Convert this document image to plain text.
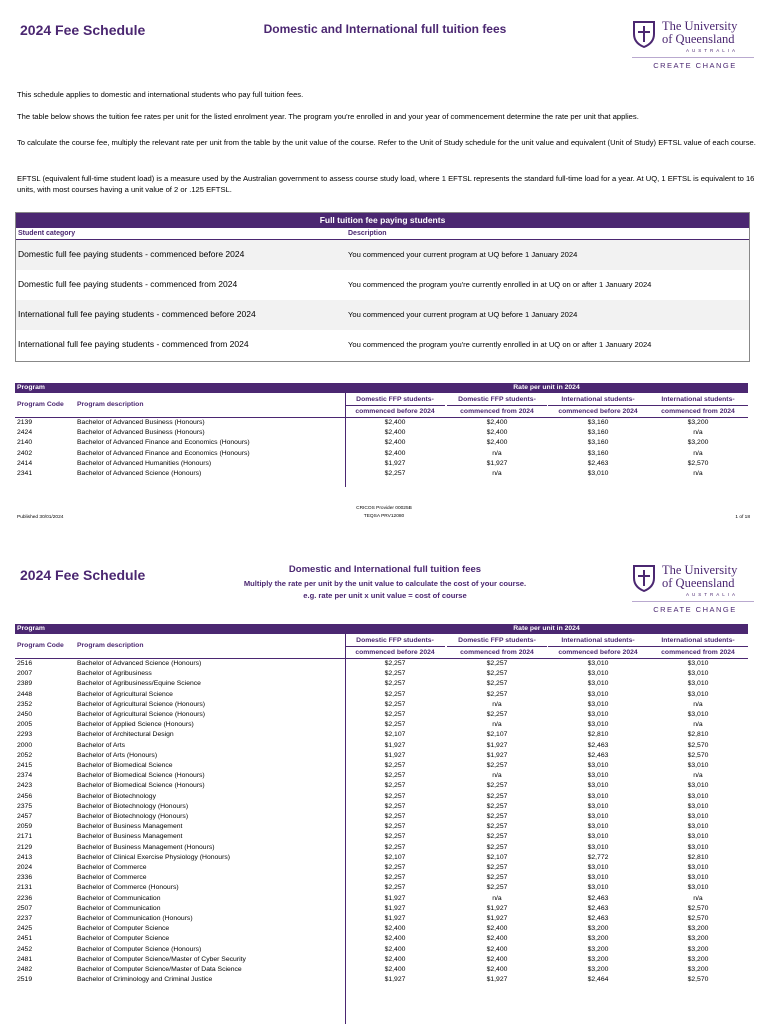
2024 Fee Schedule	Domestic and International full tuition fees	The University
of Queensland
AUSTRALIA
CREATE CHANGE
This schedule applies to domestic and international students who pay full tuition fees.
The table below shows the tuition fee rates per unit for the listed enrolment year. The program you're enrolled in and your year of commencement determine the rate per unit that applies.
To calculate the course fee, multiply the relevant rate per unit from the table by the unit value of the course. Refer to the Unit of Study schedule for the unit value and equivalent (Unit of Study) EFTSL value of each course.
EFTSL (equivalent full-time student load) is a measure used by the Australian government to assess course study load, where 1 EFTSL represents the standard full-time load for a year. At UQ, 1 EFTSL is equivalent to 16 units, with most courses having a unit value of 2 or .125 EFTSL.
Full tuition fee paying students
Student category	Description
Domestic full fee paying students - commenced before 2024	You commenced your current program at UQ before 1 January 2024
Domestic full fee paying students - commenced from 2024	You commenced the program you're currently enrolled in at UQ on or after 1 January 2024
International full fee paying students - commenced before 2024	You commenced your current program at UQ before 1 January 2024
International full fee paying students - commenced from 2024	You commenced the program you're currently enrolled in at UQ on or after 1 January 2024
Program	Rate per unit in 2024
Program Code Program description
Domestic FFP students-
commenced before 2024
Domestic FFP students-
commenced from 2024
International students-
commenced before 2024
International students-
commenced from 2024
2139	Bachelor of Advanced Business (Honours)	$2,400	$2,400	$3,160	$3,200
2424	Bachelor of Advanced Business (Honours)	$2,400	$2,400	$3,160	n/a
2140	Bachelor of Advanced Finance and Economics (Honours)	$2,400	$2,400	$3,160	$3,200
2402	Bachelor of Advanced Finance and Economics (Honours)	$2,400	n/a	$3,160	n/a
2414	Bachelor of Advanced Humanities (Honours)	$1,927	$1,927	$2,463	$2,570
2341	Bachelor of Advanced Science (Honours)	$2,257	n/a	$3,010	n/a
Published 30/01/2024
CRICOS Provider 00025B
TEQSA PRV12080	1 of 18
2024 Fee Schedule	Domestic and International full tuition fees
Multiply the rate per unit by the unit value to calculate the cost of your course.
e.g. rate per unit x unit value = cost of course
The University
of Queensland
AUSTRALIA
CREATE CHANGE
Program	Rate per unit in 2024
Program Code Program description
Domestic FFP students-
commenced before 2024
Domestic FFP students-
commenced from 2024
International students-
commenced before 2024
International students-
commenced from 2024
2516	Bachelor of Advanced Science (Honours)	$2,257	$2,257	$3,010	$3,010
2007	Bachelor of Agribusiness	$2,257	$2,257	$3,010	$3,010
2389	Bachelor of Agribusiness/Equine Science	$2,257	$2,257	$3,010	$3,010
2448	Bachelor of Agricultural Science	$2,257	$2,257	$3,010	$3,010
2352	Bachelor of Agricultural Science (Honours)	$2,257	n/a	$3,010	n/a
2450	Bachelor of Agricultural Science (Honours)	$2,257	$2,257	$3,010	$3,010
2005	Bachelor of Applied Science (Honours)	$2,257	n/a	$3,010	n/a
2293	Bachelor of Architectural Design	$2,107	$2,107	$2,810	$2,810
2000	Bachelor of Arts	$1,927	$1,927	$2,463	$2,570
2052	Bachelor of Arts (Honours)	$1,927	$1,927	$2,463	$2,570
2415	Bachelor of Biomedical Science	$2,257	$2,257	$3,010	$3,010
2374	Bachelor of Biomedical Science (Honours)	$2,257	n/a	$3,010	n/a
2423	Bachelor of Biomedical Science (Honours)	$2,257	$2,257	$3,010	$3,010
2456	Bachelor of Biotechnology	$2,257	$2,257	$3,010	$3,010
2375	Bachelor of Biotechnology (Honours)	$2,257	$2,257	$3,010	$3,010
2457	Bachelor of Biotechnology (Honours)	$2,257	$2,257	$3,010	$3,010
2059	Bachelor of Business Management	$2,257	$2,257	$3,010	$3,010
2171	Bachelor of Business Management	$2,257	$2,257	$3,010	$3,010
2129	Bachelor of Business Management (Honours)	$2,257	$2,257	$3,010	$3,010
2413	Bachelor of Clinical Exercise Physiology (Honours)	$2,107	$2,107	$2,772	$2,810
2024	Bachelor of Commerce	$2,257	$2,257	$3,010	$3,010
2336	Bachelor of Commerce	$2,257	$2,257	$3,010	$3,010
2131	Bachelor of Commerce (Honours)	$2,257	$2,257	$3,010	$3,010
2236	Bachelor of Communication	$1,927	n/a	$2,463	n/a
2507	Bachelor of Communication	$1,927	$1,927	$2,463	$2,570
2237	Bachelor of Communication (Honours)	$1,927	$1,927	$2,463	$2,570
2425	Bachelor of Computer Science	$2,400	$2,400	$3,200	$3,200
2451	Bachelor of Computer Science	$2,400	$2,400	$3,200	$3,200
2452	Bachelor of Computer Science (Honours)	$2,400	$2,400	$3,200	$3,200
2481	Bachelor of Computer Science/Master of Cyber Security	$2,400	$2,400	$3,200	$3,200
2482	Bachelor of Computer Science/Master of Data Science	$2,400	$2,400	$3,200	$3,200
2519	Bachelor of Criminology and Criminal Justice	$1,927	$1,927	$2,464	$2,570
